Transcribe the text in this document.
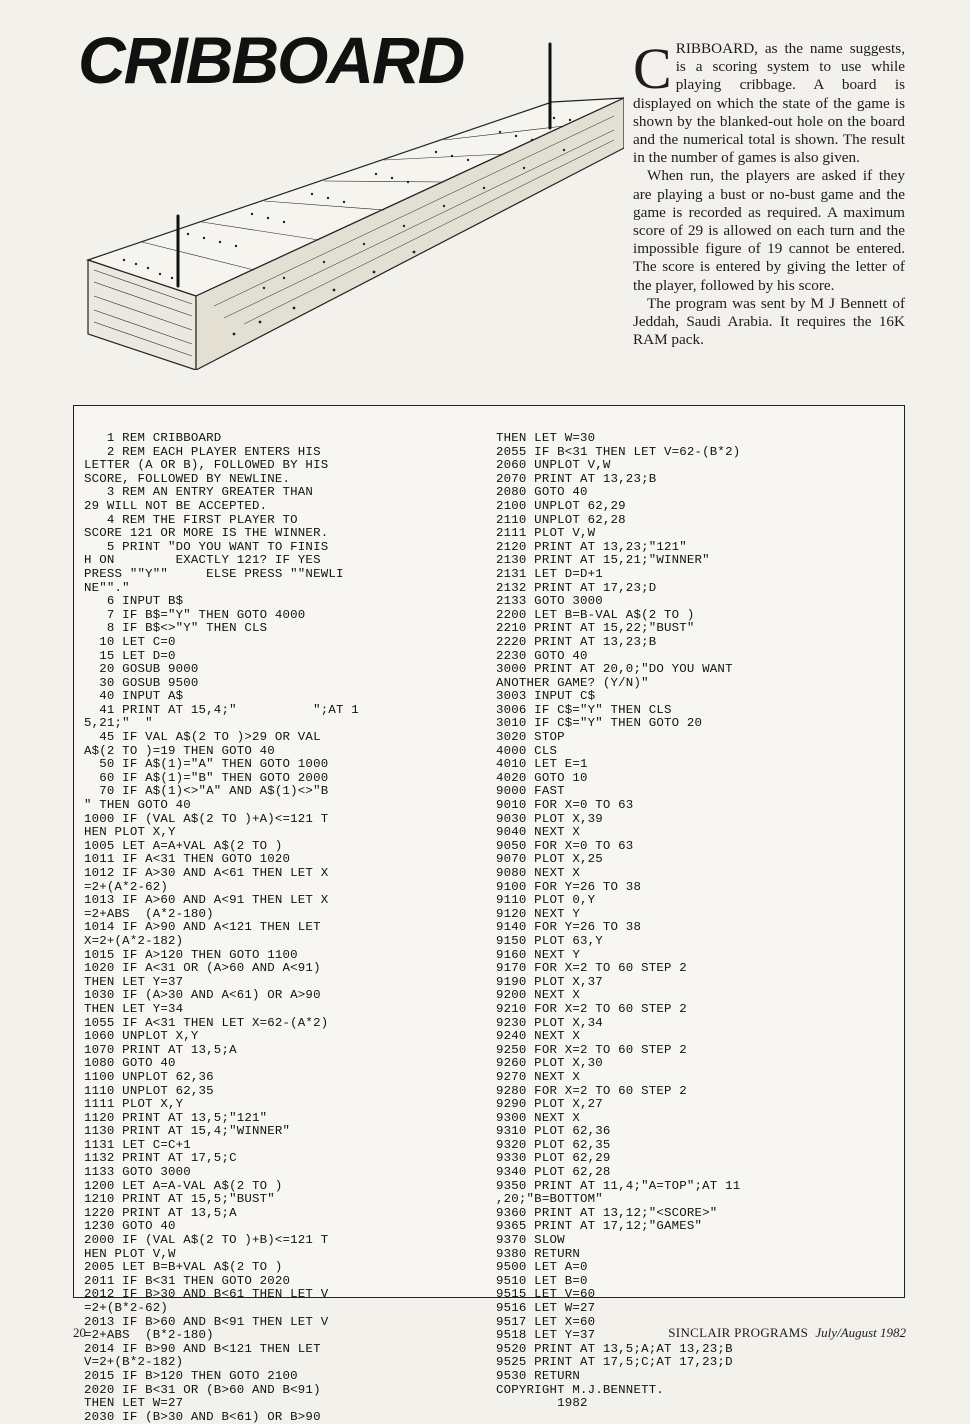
CRIBBOARD	CRIBBOARD, as the name suggests, is a scoring system to use while playing cribbage. A board is displayed on which the state of the game is shown by the blanked-out hole on the board and the numerical total is shown. The result in the number of games is also given.

When run, the players are asked if they are playing a bust or no-bust game and the game is recorded as required. A maximum score of 29 is allowed on each turn and the impossible figure of 19 cannot be entered. The score is entered by giving the letter of the player, followed by his score.

The program was sent by M J Bennett of Jeddah, Saudi Arabia. It requires the 16K RAM pack.

1 REM CRIBBOARD
2 REM EACH PLAYER ENTERS HIS
LETTER (A OR B), FOLLOWED BY HIS
SCORE, FOLLOWED BY NEWLINE.
3 REM AN ENTRY GREATER THAN
29 WILL NOT BE ACCEPTED.
4 REM THE FIRST PLAYER TO
SCORE 121 OR MORE IS THE WINNER.
5 PRINT "DO YOU WANT TO FINIS
H ON        EXACTLY 121? IF YES
PRESS ""Y""     ELSE PRESS ""NEWLI
NE""."
6 INPUT B$
7 IF B$="Y" THEN GOTO 4000
8 IF B$<>"Y" THEN CLS
10 LET C=0
15 LET D=0
20 GOSUB 9000
30 GOSUB 9500
40 INPUT A$
41 PRINT AT 15,4;"          ";AT 1
5,21;"  "
45 IF VAL A$(2 TO )>29 OR VAL
A$(2 TO )=19 THEN GOTO 40
50 IF A$(1)="A" THEN GOTO 1000
60 IF A$(1)="B" THEN GOTO 2000
70 IF A$(1)<>"A" AND A$(1)<>"B
" THEN GOTO 40
1000 IF (VAL A$(2 TO )+A)<=121 T
HEN PLOT X,Y
1005 LET A=A+VAL A$(2 TO )
1011 IF A<31 THEN GOTO 1020
1012 IF A>30 AND A<61 THEN LET X
=2+(A*2-62)
1013 IF A>60 AND A<91 THEN LET X
=2+ABS  (A*2-180)
1014 IF A>90 AND A<121 THEN LET
X=2+(A*2-182)
1015 IF A>120 THEN GOTO 1100
1020 IF A<31 OR (A>60 AND A<91)
THEN LET Y=37
1030 IF (A>30 AND A<61) OR A>90
THEN LET Y=34
1055 IF A<31 THEN LET X=62-(A*2)
1060 UNPLOT X,Y
1070 PRINT AT 13,5;A
1080 GOTO 40
1100 UNPLOT 62,36
1110 UNPLOT 62,35
1111 PLOT X,Y
1120 PRINT AT 13,5;"121"
1130 PRINT AT 15,4;"WINNER"
1131 LET C=C+1
1132 PRINT AT 17,5;C
1133 GOTO 3000
1200 LET A=A-VAL A$(2 TO )
1210 PRINT AT 15,5;"BUST"
1220 PRINT AT 13,5;A
1230 GOTO 40
2000 IF (VAL A$(2 TO )+B)<=121 T
HEN PLOT V,W
2005 LET B=B+VAL A$(2 TO )
2011 IF B<31 THEN GOTO 2020
2012 IF B>30 AND B<61 THEN LET V
=2+(B*2-62)
2013 IF B>60 AND B<91 THEN LET V
=2+ABS  (B*2-180)
2014 IF B>90 AND B<121 THEN LET
V=2+(B*2-182)
2015 IF B>120 THEN GOTO 2100
2020 IF B<31 OR (B>60 AND B<91)
THEN LET W=27
2030 IF (B>30 AND B<61) OR B>90
THEN LET W=30
2055 IF B<31 THEN LET V=62-(B*2)
2060 UNPLOT V,W
2070 PRINT AT 13,23;B
2080 GOTO 40
2100 UNPLOT 62,29
2110 UNPLOT 62,28
2111 PLOT V,W
2120 PRINT AT 13,23;"121"
2130 PRINT AT 15,21;"WINNER"
2131 LET D=D+1
2132 PRINT AT 17,23;D
2133 GOTO 3000
2200 LET B=B-VAL A$(2 TO )
2210 PRINT AT 15,22;"BUST"
2220 PRINT AT 13,23;B
2230 GOTO 40
3000 PRINT AT 20,0;"DO YOU WANT
ANOTHER GAME? (Y/N)"
3003 INPUT C$
3006 IF C$="Y" THEN CLS
3010 IF C$="Y" THEN GOTO 20
3020 STOP
4000 CLS
4010 LET E=1
4020 GOTO 10
9000 FAST
9010 FOR X=0 TO 63
9030 PLOT X,39
9040 NEXT X
9050 FOR X=0 TO 63
9070 PLOT X,25
9080 NEXT X
9100 FOR Y=26 TO 38
9110 PLOT 0,Y
9120 NEXT Y
9140 FOR Y=26 TO 38
9150 PLOT 63,Y
9160 NEXT Y
9170 FOR X=2 TO 60 STEP 2
9190 PLOT X,37
9200 NEXT X
9210 FOR X=2 TO 60 STEP 2
9230 PLOT X,34
9240 NEXT X
9250 FOR X=2 TO 60 STEP 2
9260 PLOT X,30
9270 NEXT X
9280 FOR X=2 TO 60 STEP 2
9290 PLOT X,27
9300 NEXT X
9310 PLOT 62,36
9320 PLOT 62,35
9330 PLOT 62,29
9340 PLOT 62,28
9350 PRINT AT 11,4;"A=TOP";AT 11
,20;"B=BOTTOM"
9360 PRINT AT 13,12;"<SCORE>"
9365 PRINT AT 17,12;"GAMES"
9370 SLOW
9380 RETURN
9500 LET A=0
9510 LET B=0
9515 LET V=60
9516 LET W=27
9517 LET X=60
9518 LET Y=37
9520 PRINT AT 13,5;A;AT 13,23;B
9525 PRINT AT 17,5;C;AT 17,23;D
9530 RETURN
COPYRIGHT M.J.BENNETT.
1982
20	SINCLAIR PROGRAMS July/August 1982
